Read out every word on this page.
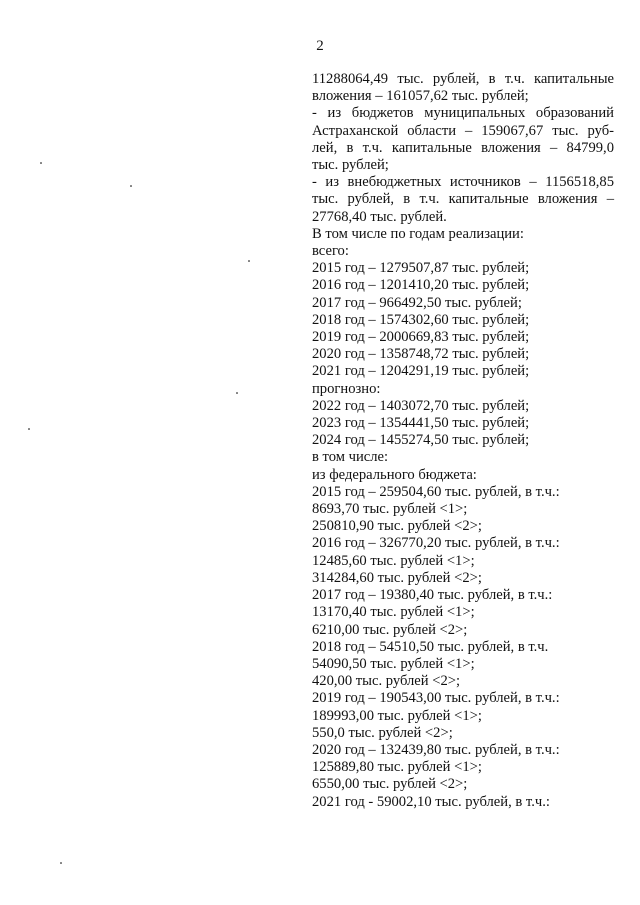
2
11288064,49 тыс. рублей, в т.ч. капитальные
вложения – 161057,62 тыс. рублей;
- из бюджетов муниципальных образований
Астраханской области – 159067,67 тыс. руб-
лей, в т.ч. капитальные вложения – 84799,0
тыс. рублей;
- из внебюджетных источников – 1156518,85
тыс. рублей, в т.ч. капитальные вложения –
27768,40 тыс. рублей.
В том числе по годам реализации:
всего:
2015 год – 1279507,87 тыс. рублей;
2016 год – 1201410,20 тыс. рублей;
2017 год – 966492,50 тыс. рублей;
2018 год – 1574302,60 тыс. рублей;
2019 год – 2000669,83 тыс. рублей;
2020 год – 1358748,72 тыс. рублей;
2021 год – 1204291,19 тыс. рублей;
прогнозно:
2022 год – 1403072,70 тыс. рублей;
2023 год – 1354441,50 тыс. рублей;
2024 год – 1455274,50 тыс. рублей;
в том числе:
из федерального бюджета:
2015 год – 259504,60 тыс. рублей, в т.ч.:
8693,70 тыс. рублей <1>;
250810,90 тыс. рублей <2>;
2016 год – 326770,20 тыс. рублей, в т.ч.:
12485,60 тыс. рублей <1>;
314284,60 тыс. рублей <2>;
2017 год – 19380,40 тыс. рублей, в т.ч.:
13170,40 тыс. рублей <1>;
6210,00 тыс. рублей <2>;
2018 год – 54510,50 тыс. рублей, в т.ч.
54090,50 тыс. рублей <1>;
420,00 тыс. рублей <2>;
2019 год – 190543,00 тыс. рублей, в т.ч.:
189993,00 тыс. рублей <1>;
550,0 тыс. рублей <2>;
2020 год – 132439,80 тыс. рублей, в т.ч.:
125889,80 тыс. рублей <1>;
6550,00 тыс. рублей <2>;
2021 год - 59002,10 тыс. рублей, в т.ч.:
